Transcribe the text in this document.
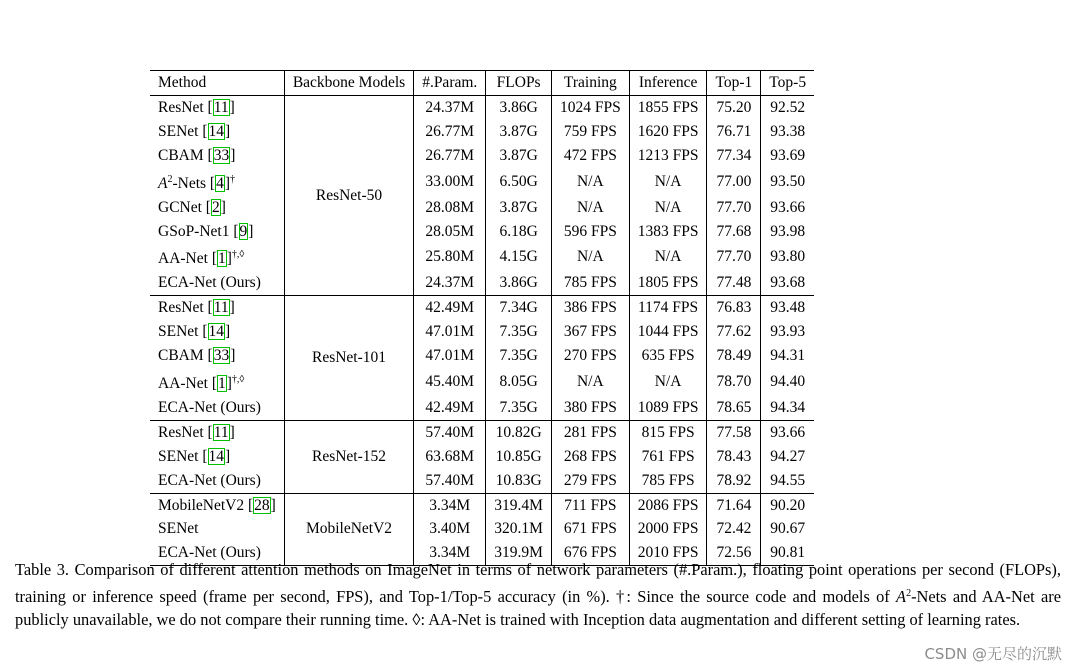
Method	Backbone Models	#.Param.	FLOPs	Training	Inference	Top-1	Top-5
ResNet [11]	ResNet-50	24.37M	3.86G	1024 FPS	1855 FPS	75.20	92.52
SENet [14]		26.77M	3.87G	759 FPS	1620 FPS	76.71	93.38
CBAM [33]		26.77M	3.87G	472 FPS	1213 FPS	77.34	93.69
$A^2$-Nets [4]†		33.00M	6.50G	N/A	N/A	77.00	93.50
GCNet [2]		28.08M	3.87G	N/A	N/A	77.70	93.66
GSoP-Net1 [9]		28.05M	6.18G	596 FPS	1383 FPS	77.68	93.98
AA-Net [1]†,◊		25.80M	4.15G	N/A	N/A	77.70	93.80
ECA-Net (Ours)		24.37M	3.86G	785 FPS	1805 FPS	77.48	93.68
ResNet [11]	ResNet-101	42.49M	7.34G	386 FPS	1174 FPS	76.83	93.48
SENet [14]		47.01M	7.35G	367 FPS	1044 FPS	77.62	93.93
CBAM [33]		47.01M	7.35G	270 FPS	635 FPS	78.49	94.31
AA-Net [1]†,◊		45.40M	8.05G	N/A	N/A	78.70	94.40
ECA-Net (Ours)		42.49M	7.35G	380 FPS	1089 FPS	78.65	94.34
ResNet [11]	ResNet-152	57.40M	10.82G	281 FPS	815 FPS	77.58	93.66
SENet [14]		63.68M	10.85G	268 FPS	761 FPS	78.43	94.27
ECA-Net (Ours)		57.40M	10.83G	279 FPS	785 FPS	78.92	94.55
MobileNetV2 [28]	MobileNetV2	3.34M	319.4M	711 FPS	2086 FPS	71.64	90.20
SENet		3.40M	320.1M	671 FPS	2000 FPS	72.42	90.67
ECA-Net (Ours)		3.34M	319.9M	676 FPS	2010 FPS	72.56	90.81
Table 3. Comparison of different attention methods on ImageNet in terms of network parameters (#.Param.), floating point operations per second (FLOPs), training or inference speed (frame per second, FPS), and Top-1/Top-5 accuracy (in %). †: Since the source code and models of $A^2$-Nets and AA-Net are publicly unavailable, we do not compare their running time. ◊: AA-Net is trained with Inception data augmentation and different setting of learning rates.
CSDN @无尽的沉默
